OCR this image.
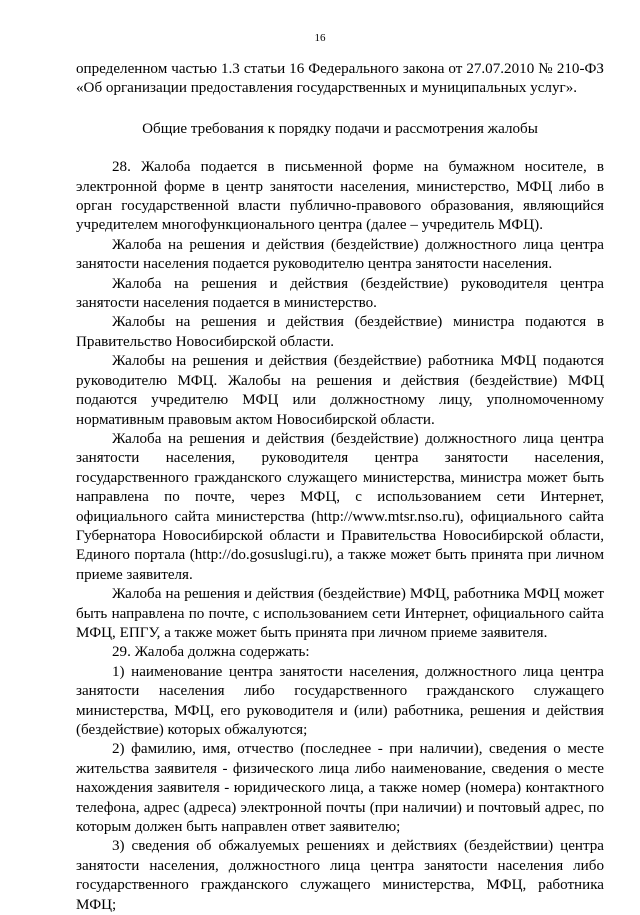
16

определенном частью 1.3 статьи 16 Федерального закона от 27.07.2010 № 210-ФЗ «Об организации предоставления государственных и муниципальных услуг».

Общие требования к порядку подачи и рассмотрения жалобы

28. Жалоба подается в письменной форме на бумажном носителе, в электронной форме в центр занятости населения, министерство, МФЦ либо в орган государственной власти публично-правового образования, являющийся учредителем многофункционального центра (далее – учредитель МФЦ).

Жалоба на решения и действия (бездействие) должностного лица центра занятости населения подается руководителю центра занятости населения.

Жалоба на решения и действия (бездействие) руководителя центра занятости населения подается в министерство.

Жалобы на решения и действия (бездействие) министра подаются в Правительство Новосибирской области.

Жалобы на решения и действия (бездействие) работника МФЦ подаются руководителю МФЦ. Жалобы на решения и действия (бездействие) МФЦ подаются учредителю МФЦ или должностному лицу, уполномоченному нормативным правовым актом Новосибирской области.

Жалоба на решения и действия (бездействие) должностного лица центра занятости населения, руководителя центра занятости населения, государственного гражданского служащего министерства, министра может быть направлена по почте, через МФЦ, с использованием сети Интернет, официального сайта министерства (http://www.mtsr.nso.ru), официального сайта Губернатора Новосибирской области и Правительства Новосибирской области, Единого портала (http://do.gosuslugi.ru), а также может быть принята при личном приеме заявителя.

Жалоба на решения и действия (бездействие) МФЦ, работника МФЦ может быть направлена по почте, с использованием сети Интернет, официального сайта МФЦ, ЕПГУ, а также может быть принята при личном приеме заявителя.

29. Жалоба должна содержать:

1) наименование центра занятости населения, должностного лица центра занятости населения либо государственного гражданского служащего министерства, МФЦ, его руководителя и (или) работника, решения и действия (бездействие) которых обжалуются;

2) фамилию, имя, отчество (последнее - при наличии), сведения о месте жительства заявителя - физического лица либо наименование, сведения о месте нахождения заявителя - юридического лица, а также номер (номера) контактного телефона, адрес (адреса) электронной почты (при наличии) и почтовый адрес, по которым должен быть направлен ответ заявителю;

3) сведения об обжалуемых решениях и действиях (бездействии) центра занятости населения, должностного лица центра занятости населения либо государственного гражданского служащего министерства, МФЦ, работника МФЦ;
